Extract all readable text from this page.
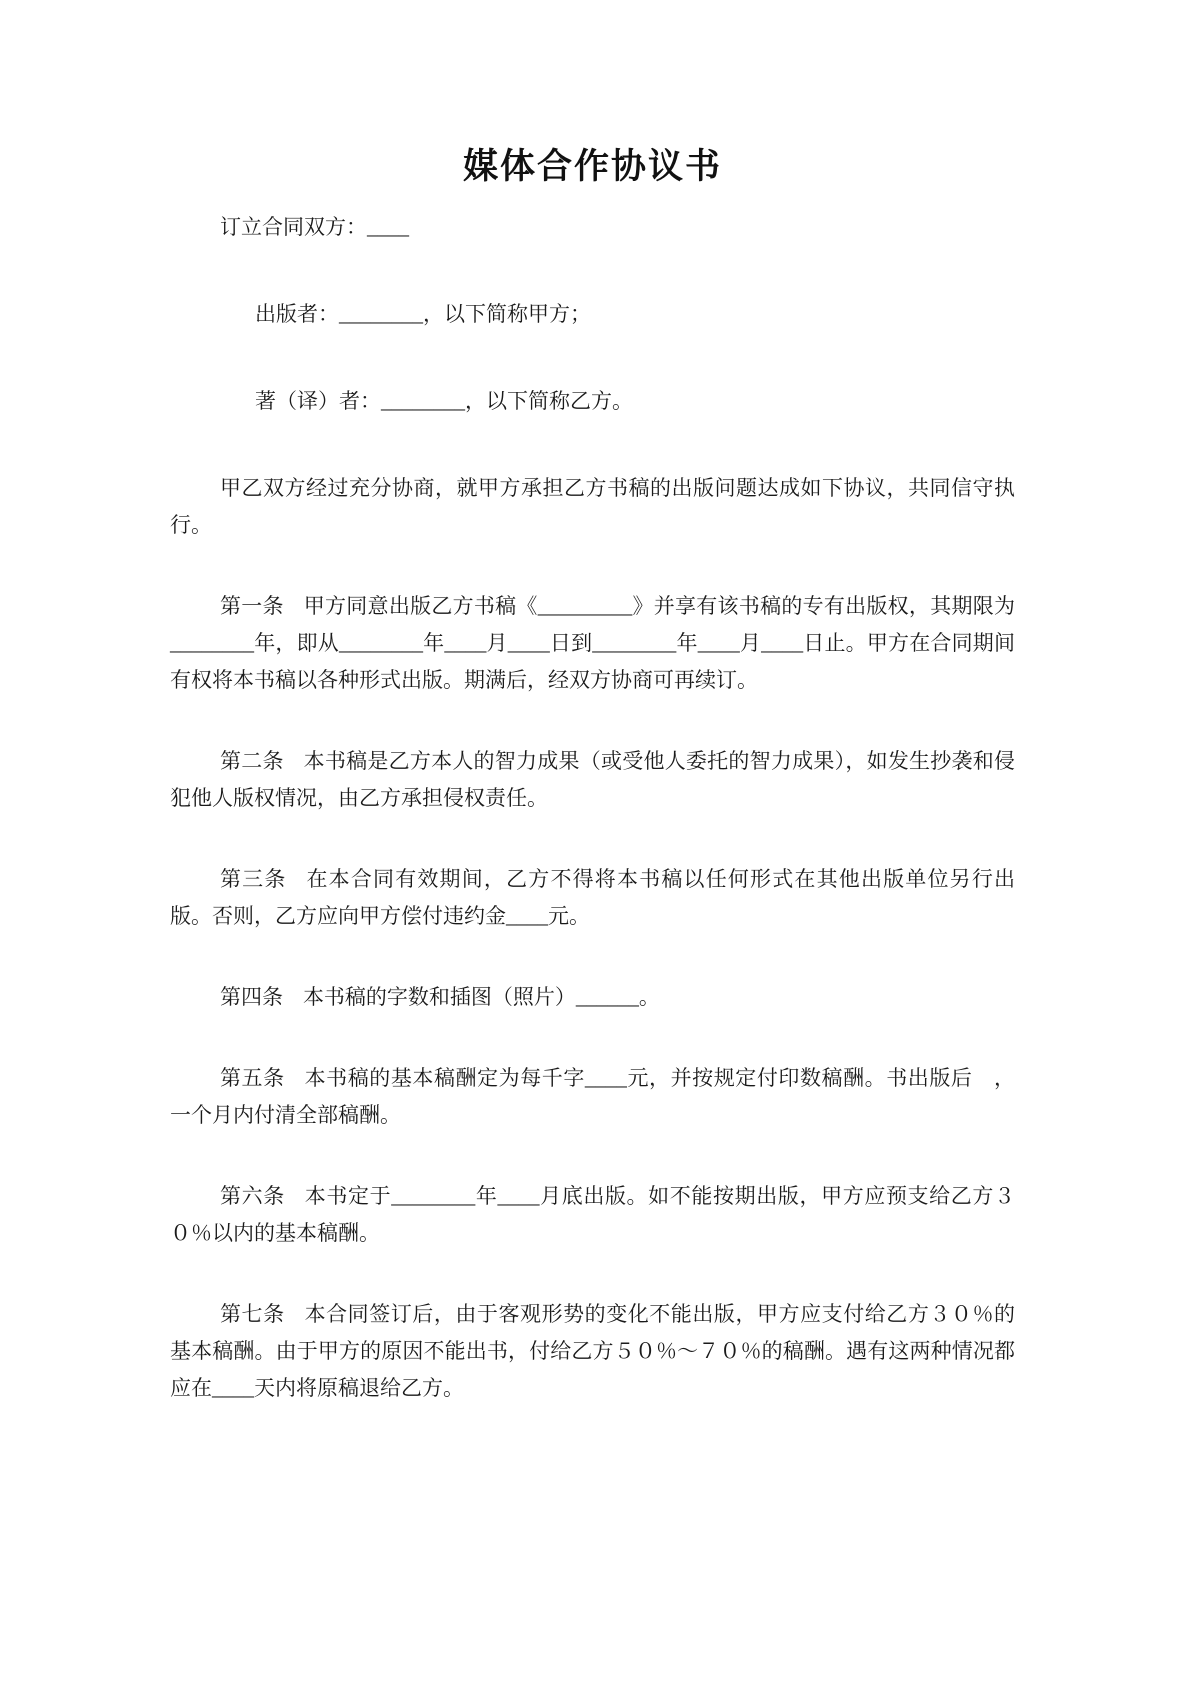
媒体合作协议书

订立合同双方：____

出版者：________，以下简称甲方；

著（译）者：________，以下简称乙方。

甲乙双方经过充分协商，就甲方承担乙方书稿的出版问题达成如下协议，共同信守执行。

第一条 甲方同意出版乙方书稿《_________》并享有该书稿的专有出版权，其期限为________年，即从________年____月____日到________年____月____日止。甲方在合同期间有权将本书稿以各种形式出版。期满后，经双方协商可再续订。

第二条 本书稿是乙方本人的智力成果（或受他人委托的智力成果），如发生抄袭和侵犯他人版权情况，由乙方承担侵权责任。

第三条 在本合同有效期间，乙方不得将本书稿以任何形式在其他出版单位另行出版。否则，乙方应向甲方偿付违约金____元。

第四条 本书稿的字数和插图（照片）______。

第五条 本书稿的基本稿酬定为每千字____元，并按规定付印数稿酬。书出版后　，一个月内付清全部稿酬。

第六条 本书定于________年____月底出版。如不能按期出版，甲方应预支给乙方３０％以内的基本稿酬。

第七条 本合同签订后，由于客观形势的变化不能出版，甲方应支付给乙方３０％的基本稿酬。由于甲方的原因不能出书，付给乙方５０％～７０％的稿酬。遇有这两种情况都应在____天内将原稿退给乙方。
